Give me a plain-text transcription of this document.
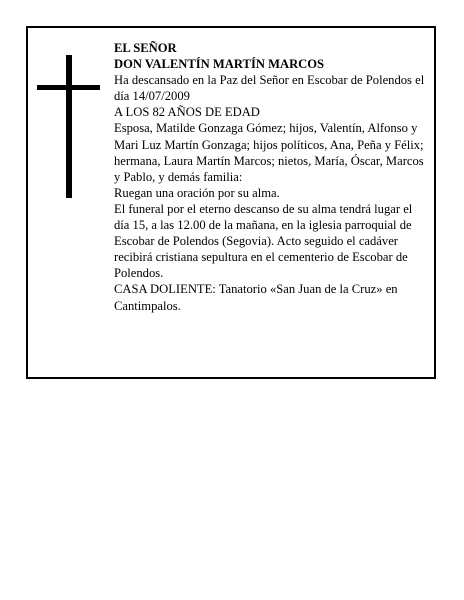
EL SEÑOR

DON VALENTÍN MARTÍN MARCOS

Ha descansado en la Paz del Señor en Escobar de Polendos el día 14/07/2009

A LOS 82 AÑOS DE EDAD

Esposa, Matilde Gonzaga Gómez; hijos, Valentín, Alfonso y Mari Luz Martín Gonzaga; hijos políticos, Ana, Peña y Félix; hermana, Laura Martín Marcos; nietos, María, Óscar, Marcos y Pablo, y demás familia:

Ruegan una oración por su alma.

El funeral por el eterno descanso de su alma tendrá lugar el día 15, a las 12.00 de la mañana, en la iglesia parroquial de Escobar de Polendos (Segovia). Acto seguido el cadáver recibirá cristiana sepultura en el cementerio de Escobar de Polendos.

CASA DOLIENTE: Tanatorio «San Juan de la Cruz» en Cantimpalos.
